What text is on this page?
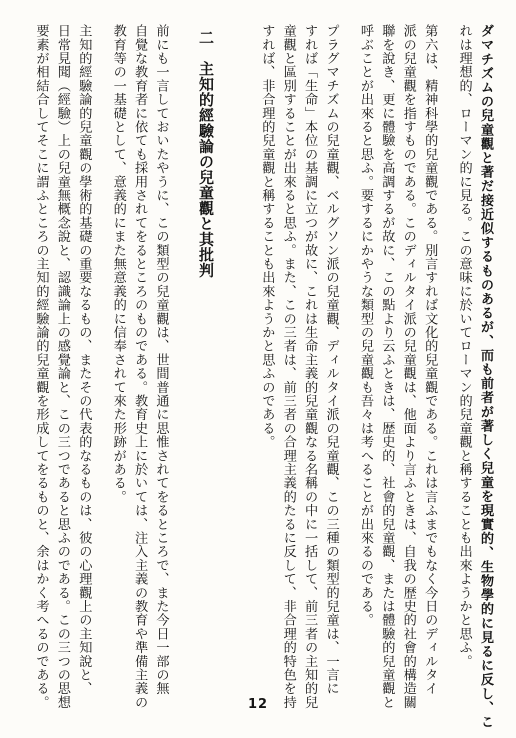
ダマチズムの兒童觀と著だ接近似するものあるが、而も前者が著しく兒童を現實的、生物學的に見るに反し、こ
れは理想的、ローマン的に見る。この意味に於いてローマン的兒童觀と稱することも出來ようかと思ふ。
第六は、精神科學的兒童觀である。別言すれば文化的兒童觀である。これは言ふまでもなく今日のディルタイ
派の兒童觀を指すものである。このディルタイ派の兒童觀は、他面より言ふときは、自我の歴史的社會的構造關
聯を說き、更に體驗を高調するが故に、この點より云ふときは、歴史的、社會的兒童觀、または體驗的兒童觀と
呼ぶことが出來ると思ふ。要するにかやうな類型の兒童觀も吾々は考へることが出來るのである。
プラグマチズムの兒童觀、ベルグソン派の兒童觀、ディルタイ派の兒童觀、この三種の類型的兒童は、一言に
すれば「生命」本位の基調に立つが故に、これは生命主義的兒童觀なる名稱の中に一括して、前三者の主知的兒
童觀と區別することが出來ると思ふ。また、この三者は、前三者の合理主義的たるに反して、非合理的特色を持
すれば、非合理的兒童觀と稱することも出來ようかと思ふのである。
二　主知的經驗論の兒童觀と其批判
前にも一言しておいたやうに、この類型の兒童觀は、世間普通に思惟されてをるところで、また今日一部の無
自覺な教育者に依ても採用されてをるところのものである。教育史上に於いては、注入主義の教育や準備主義の
教育等の一基礎として、意義的にまた無意義的に信奉されて來た形跡がある。
主知的經驗論的兒童觀の學術的基礎の重要なるもの、またその代表的なるものは、彼の心理觀上の主知說と、
日常見聞（經驗）上の兒童無概念說と、認識論上の感覺論と、この三つであると思ふのである。この三つの思想
要素が相結合してそこに謂ふところの主知的經驗論的兒童觀を形成してをるものと、余はかく考へるのである。	12
